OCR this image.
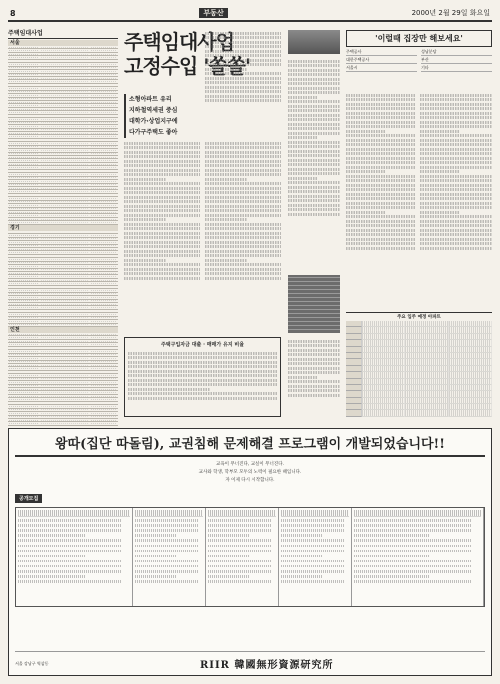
8	부동산	2000년 2월 29일 화요일
주택임대사업
서울
경기
인천
주택임대사업
고정수입 '쏠쏠'
소형아파트 유리
지하철역세권 중심
대학가·상업지구에
다가구주택도 좋아
주택구입자금 대출 · 매매가 유지 비율
'이럴때 집장만 해보세요'
주택공사	성남분당
대한주택공사	부산
서울시	기타
주요 입주 예정 아파트
왕따(집단 따돌림), 교권침해 문제해결 프로그램이 개발되었습니다!!
교육이 무너진다, 교실이 무너진다.
교사와 학생, 학부모 모두의 노력이 필요한 때입니다.
자 이제 다시 시작합니다.
공개모집

서울 강남구 역삼동	RIIR 韓國無形資源研究所
